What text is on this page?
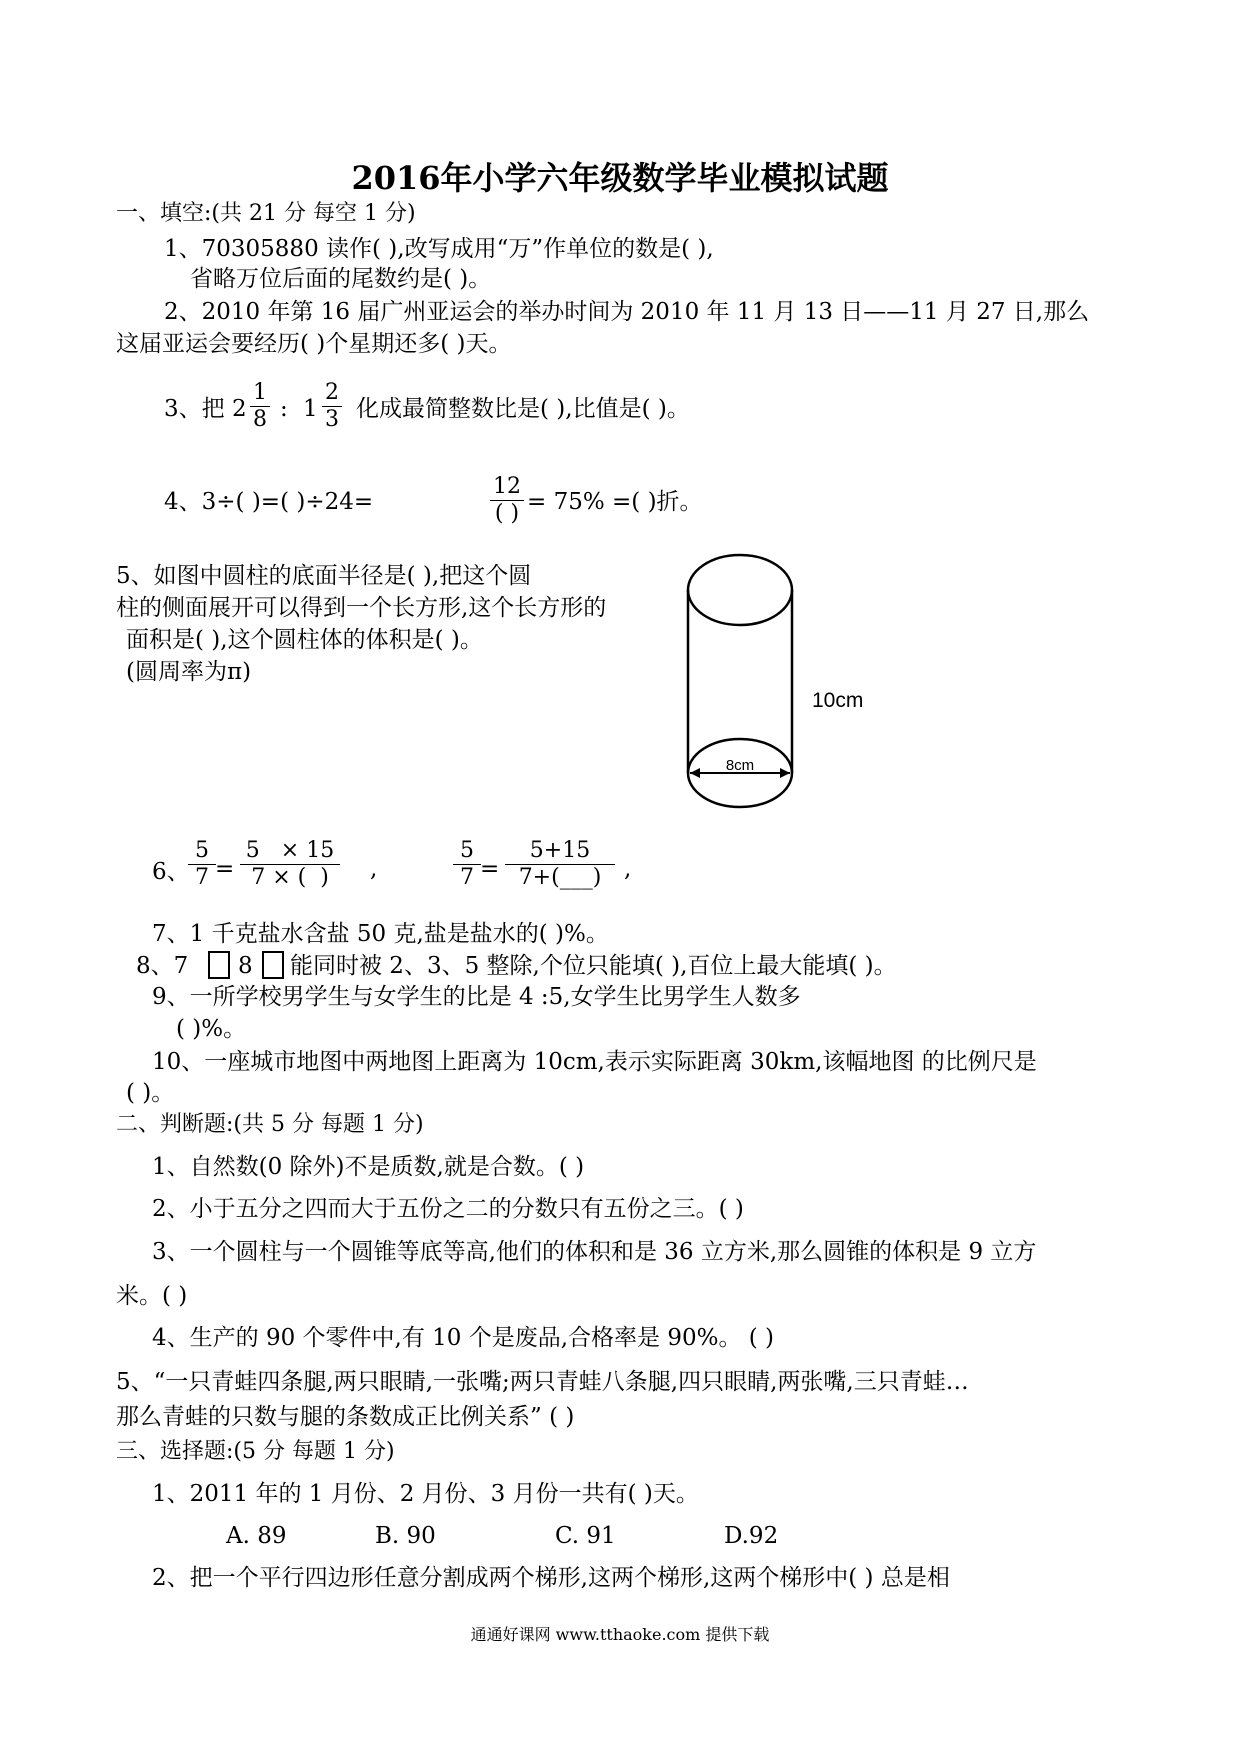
2016年小学六年级数学毕业模拟试题
一、填空:(共 21 分 每空 1 分)
1、70305880 读作( ),改写成用“万”作单位的数是( ),
省略万位后面的尾数约是( )。
2、2010 年第 16 届广州亚运会的举办时间为 2010 年 11 月 13 日——11 月 27 日,那么
这届亚运会要经历( )个星期还多( )天。
3、把 $2 \frac{1}{8}$ : $1 \frac{2}{3}$ 化成最简整数比是( ),比值是( )。
4、3÷( )=( )÷24=
12
( ) = 75% =( )折。
5、如图中圆柱的底面半径是( ),把这个圆
柱的侧面展开可以得到一个长方形,这个长方形的
面积是( ),这个圆柱体的体积是( )。
(圆周率为π)
8cm
10cm
6、
$\frac{5}{7} = \frac{5 \times 15}{7 \times ( )}$ ,	$\frac{5}{7} = \frac{5+15}{7+(\_\_\_)}$ ,
7、1 千克盐水含盐 50 克,盐是盐水的( )%。
8、7 8 能同时被 2、3、5 整除,个位只能填( ),百位上最大能填( )。
9、一所学校男学生与女学生的比是 4 :5,女学生比男学生人数多
( )%。
10、一座城市地图中两地图上距离为 10cm,表示实际距离 30km,该幅地图 的比例尺是
( )。
二、判断题:(共 5 分 每题 1 分)
1、自然数(0 除外)不是质数,就是合数。( )
2、小于五分之四而大于五份之二的分数只有五份之三。( )
3、一个圆柱与一个圆锥等底等高,他们的体积和是 36 立方米,那么圆锥的体积是 9 立方
米。( )
4、生产的 90 个零件中,有 10 个是废品,合格率是 90%。 ( )
5、“一只青蛙四条腿,两只眼睛,一张嘴;两只青蛙八条腿,四只眼睛,两张嘴,三只青蛙…
那么青蛙的只数与腿的条数成正比例关系” ( )
三、选择题:(5 分 每题 1 分)
1、2011 年的 1 月份、2 月份、3 月份一共有( )天。
A. 89	B. 90	C. 91	D.92
2、把一个平行四边形任意分割成两个梯形,这两个梯形,这两个梯形中( ) 总是相
通通好课网 www.tthaoke.com 提供下载
